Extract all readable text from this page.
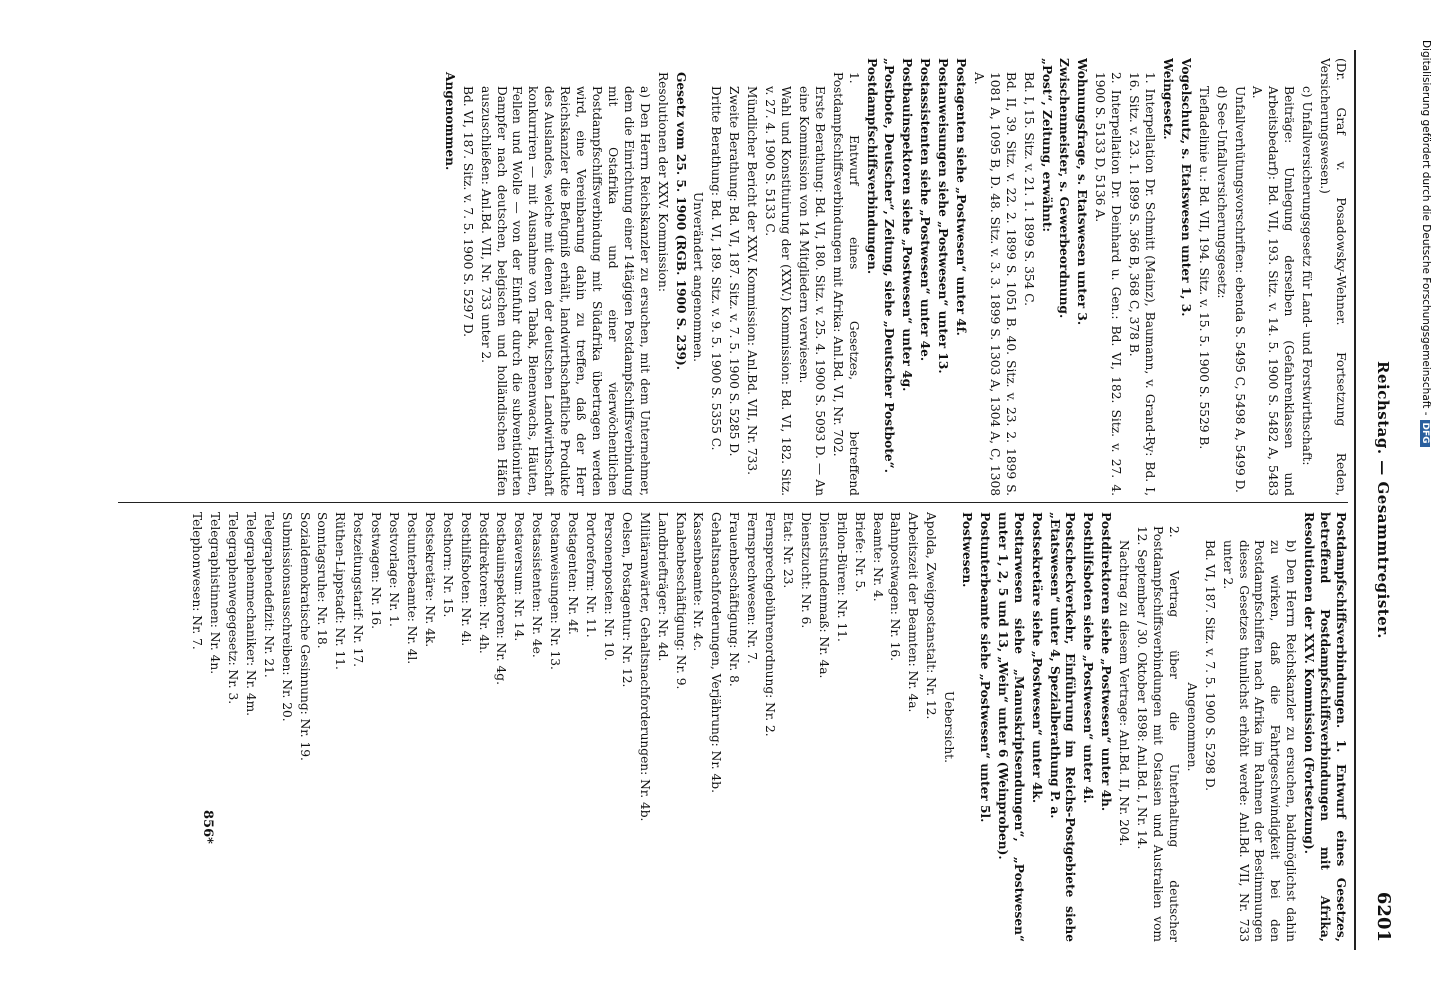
Reichstag. — Gesammtregister.
6201

(Dr. Graf v. Posadowsky-Wehner. Fortsetzung Reden, Versicherungswesen.)

c) Unfallversicherungsgesetz für Land- und Forstwirthschaft:

Beiträge: Umlegung derselben (Gefahrenklassen und Arbeitsbedarf): Bd. VII, 193. Sitz. v. 14. 5. 1900 S. 5482 A, 5483 A.

Unfallverhütungsvorschriften: ebenda S. 5495 C, 5498 A, 5499 D.

d) See-Unfallversicherungsgesetz:

Tiefladelinie u.: Bd. VII, 194. Sitz. v. 15. 5. 1900 S. 5529 B.

Vogelschutz, s. Etatswesen unter 1, 3.

Weingesetz.

1. Interpellation Dr. Schmitt (Mainz), Baumann, v. Grand-Ry: Bd. I, 16. Sitz. v. 23. 1. 1899 S. 366 B, 368 C, 378 B.

2. Interpellation Dr. Deinhard u. Gen.: Bd. VI, 182. Sitz. v. 27. 4. 1900 S. 5133 D, 5136 A.

Wohnungsfrage, s. Etatswesen unter 3.

Zwischenmeister, s. Gewerbeordnung.

„Post“, Zeitung, erwähnt:

Bd. I, 15. Sitz. v. 21. 1. 1899 S. 354 C.

Bd. II, 39. Sitz. v. 22. 2. 1899 S. 1051 B. 40. Sitz. v. 23. 2. 1899 S. 1081 A, 1095 B, D. 48. Sitz. v. 3. 3. 1899 S. 1303 A, 1304 A, C, 1308 A.

Postagenten siehe „Postwesen“ unter 4f.

Postanweisungen siehe „Postwesen“ unter 13.

Postassistenten siehe „Postwesen“ unter 4e.

Postbauinspektoren siehe „Postwesen“ unter 4g.

„Postbote, Deutscher“, Zeitung, siehe „Deutscher Postbote“.

Postdampfschiffsverbindungen.

1. Entwurf eines Gesetzes, betreffend Postdampfschiffsverbindungen mit Afrika: Anl.Bd. VI, Nr. 702.

Erste Berathung: Bd. VI, 180. Sitz. v. 25. 4. 1900 S. 5093 D. — An eine Kommission von 14 Mitgliedern verwiesen.

Wahl und Konstituirung der (XXV.) Kommission: Bd. VI, 182. Sitz. v. 27. 4. 1900 S. 5133 C.

Mündlicher Bericht der XXV. Kommission: Anl.Bd. VII, Nr. 733.

Zweite Berathung: Bd. VI, 187. Sitz. v. 7. 5. 1900 S. 5285 D.

Dritte Berathung: Bd. VI, 189. Sitz. v. 9. 5. 1900 S. 5355 C.

Unverändert angenommen.

Gesetz vom 25. 5. 1900 (RGB. 1900 S. 239).

Resolutionen der XXV. Kommission:

a) Den Herrn Reichskanzler zu ersuchen, mit dem Unternehmer, dem die Einrichtung einer 14tägigen Postdampfschiffsverbindung mit Ostafrika und einer vierwöchentlichen Postdampfschiffsverbindung mit Südafrika übertragen werden wird, eine Vereinbarung dahin zu treffen, daß der Herr Reichskanzler die Befugniß erhält, landwirthschaftliche Produkte des Auslandes, welche mit denen der deutschen Landwirthschaft konkurriren — mit Ausnahme von Tabak, Bienenwachs, Häuten, Fellen und Wolle — von der Einfuhr durch die subventionirten Dampfer nach deutschen, belgischen und holländischen Häfen auszuschließen: Anl.Bd. VII, Nr. 733 unter 2.

Bd. VI, 187. Sitz. v. 7. 5. 1900 S. 5297 D.

Angenommen.

Postdampfschiffsverbindungen. 1. Entwurf eines Gesetzes, betreffend Postdampfschiffsverbindungen mit Afrika, Resolutionen der XXV. Kommission (Fortsetzung).

b) Den Herrn Reichskanzler zu ersuchen, baldmöglichst dahin zu wirken, daß die Fahrtgeschwindigkeit bei den Postdampfschiffen nach Afrika im Rahmen der Bestimmungen dieses Gesetzes thunlichst erhöht werde: Anl.Bd. VII, Nr. 733 unter 2.

Bd. VI, 187. Sitz. v. 7. 5. 1900 S. 5298 D.

Angenommen.

2. Vertrag über die Unterhaltung deutscher Postdampfschiffsverbindungen mit Ostasien und Australien vom 12. September / 30. Oktober 1898: Anl.Bd. I, Nr. 14.

Nachtrag zu diesem Vertrage: Anl.Bd. II, Nr. 204.

Postdirektoren siehe „Postwesen“ unter 4h.

Posthilfsboten siehe „Postwesen“ unter 4i.

Postscheckverkehr, Einführung im Reichs-Postgebiete siehe „Etatswesen“ unter 4, Spezialberathung P. a.

Postsekretäre siehe „Postwesen“ unter 4k.

Posttarwesen siehe „Manuskriptsendungen“, „Postwesen“ unter 1, 2, 5 und 13, „Wein“ unter 6 (Weinproben).

Postunterbeamte siehe „Postwesen“ unter 5l.

Postwesen.

Uebersicht.

Apolda, Zweigpostanstalt: Nr. 12.

Arbeitszeit der Beamten: Nr. 4a.

Bahnpostwagen: Nr. 16.

Beamte: Nr. 4.

Briefe: Nr. 5.

Brilon-Büren: Nr. 11.

Dienststundenmaß: Nr. 4a.

Dienstzucht: Nr. 6.

Etat: Nr. 23.

Fernsprechgebührenordnung: Nr. 2.

Fernsprechwesen: Nr. 7.

Frauenbeschäftigung: Nr. 8.

Gehaltsnachforderungen, Verjährung: Nr. 4b.

Kassenbeamte: Nr. 4c.

Knabenbeschäftigung: Nr. 9.

Landbriefträger: Nr. 4d.

Militäranwärter, Gehaltsnachforderungen: Nr. 4b.

Oelsen, Postagentur: Nr. 12.

Personenposten: Nr. 10.

Portoreform: Nr. 11.

Postagenten: Nr. 4f.

Postanweisungen: Nr. 13.

Postassistenten: Nr. 4e.

Postaversum: Nr. 14.

Postbauinspektoren: Nr. 4g.

Postdirektoren: Nr. 4h.

Posthilfsboten: Nr. 4i.

Posthorn: Nr. 15.

Postsekretäre: Nr. 4k.

Postunterbeamte: Nr. 4l.

Postvorlage: Nr. 1.

Postwagen: Nr. 16.

Postzeitungstarif: Nr. 17.

Rüthen-Lippstadt: Nr. 11.

Sonntagsruhe: Nr. 18.

Sozialdemokratische Gesinnung: Nr. 19.

Submissionsausschreiben: Nr. 20.

Telegraphendefizit: Nr. 21.

Telegraphenmechaniker: Nr. 4m.

Telegraphenwegegesetz: Nr. 3.

Telegraphistinnen: Nr. 4n.

Telephonwesen: Nr. 7.

856*
Digitalisierung gefördert durch die Deutsche Forschungsgemeinschaft -DFG
